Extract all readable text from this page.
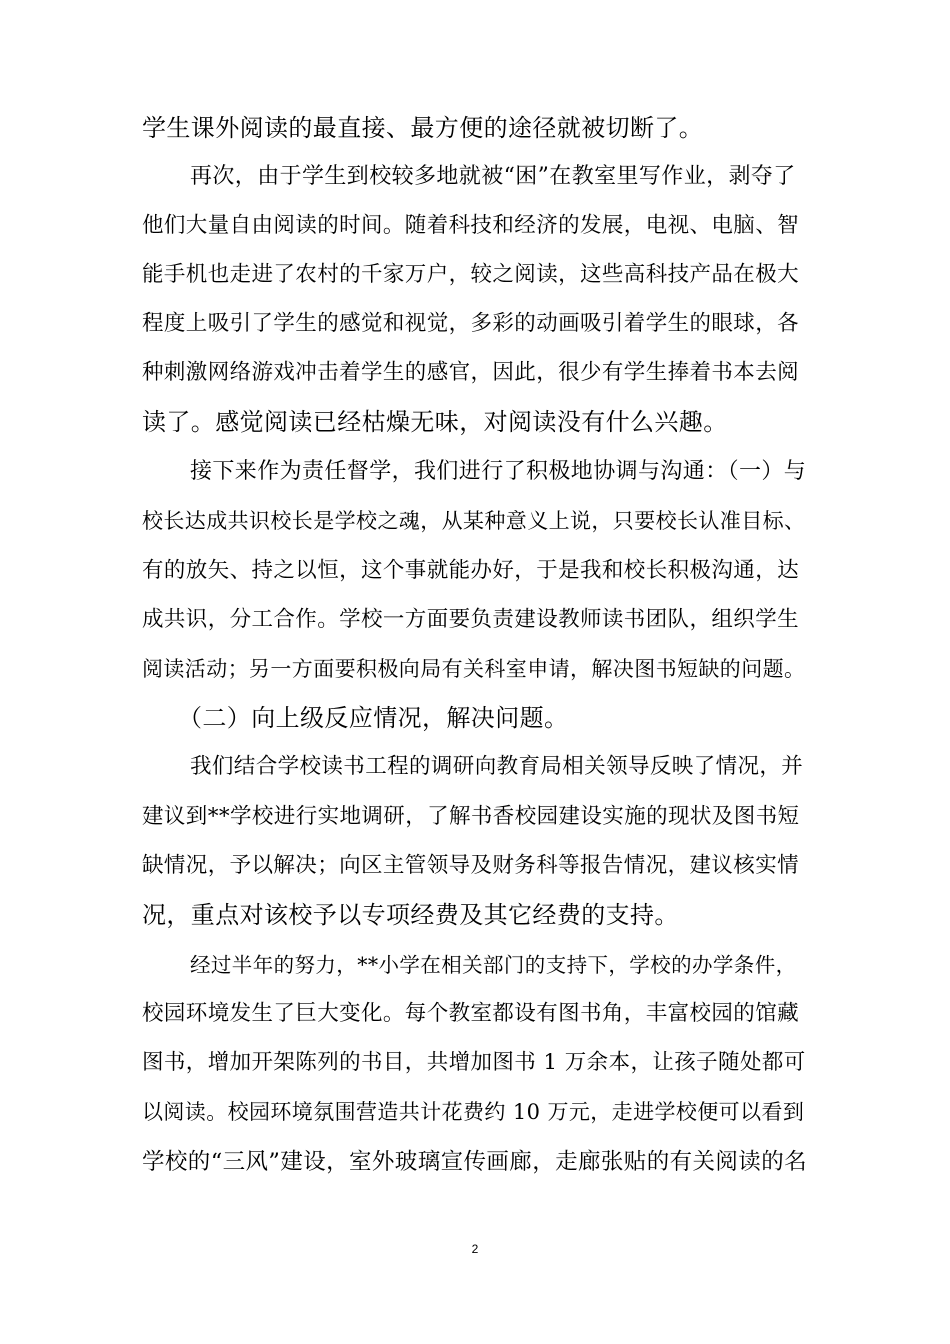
学生课外阅读的最直接、最方便的途径就被切断了。
再次，由于学生到校较多地就被“困”在教室里写作业，剥夺了
他们大量自由阅读的时间。随着科技和经济的发展，电视、电脑、智
能手机也走进了农村的千家万户，较之阅读，这些高科技产品在极大
程度上吸引了学生的感觉和视觉，多彩的动画吸引着学生的眼球，各
种刺激网络游戏冲击着学生的感官，因此，很少有学生捧着书本去阅
读了。感觉阅读已经枯燥无味，对阅读没有什么兴趣。
接下来作为责任督学，我们进行了积极地协调与沟通：（一）与
校长达成共识校长是学校之魂，从某种意义上说，只要校长认准目标、
有的放矢、持之以恒，这个事就能办好，于是我和校长积极沟通，达
成共识，分工合作。学校一方面要负责建设教师读书团队，组织学生
阅读活动；另一方面要积极向局有关科室申请，解决图书短缺的问题。
（二）向上级反应情况，解决问题。
我们结合学校读书工程的调研向教育局相关领导反映了情况，并
建议到**学校进行实地调研，了解书香校园建设实施的现状及图书短
缺情况，予以解决；向区主管领导及财务科等报告情况，建议核实情
况，重点对该校予以专项经费及其它经费的支持。
经过半年的努力，**小学在相关部门的支持下，学校的办学条件，
校园环境发生了巨大变化。每个教室都设有图书角，丰富校园的馆藏
图书，增加开架陈列的书目，共增加图书 1 万余本，让孩子随处都可
以阅读。校园环境氛围营造共计花费约 10 万元，走进学校便可以看到
学校的“三风”建设，室外玻璃宣传画廊，走廊张贴的有关阅读的名
2
